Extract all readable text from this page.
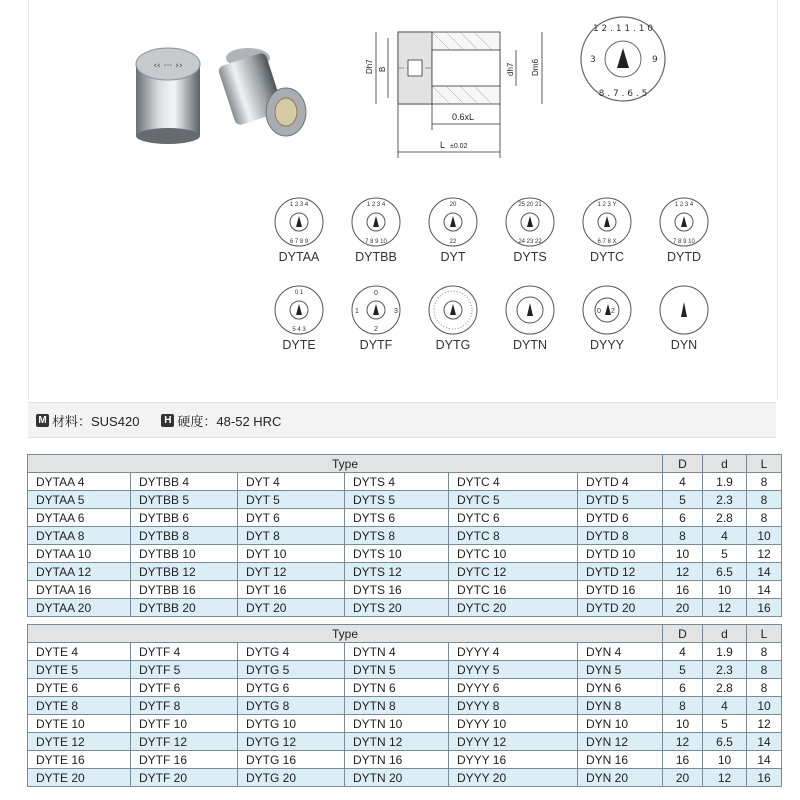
‹‹ ⋯ ››	Dh7 B	dh7 Dm6
0.6xL
L ±0.02
1 2 . 1 1 . 1 0
8 . 7 . 6 . 5
3	9
1 2 3 4
6 7 8 9
DYTAA
1 2 3 4
7 8 9 10
DYTBB
20
22
DYT
25 20 21
24 23 22
DYTS
1 2 3 Y
6 7 8 X
DYTC
1 2 3 4
7 8 9 10
DYTD
0 1
5 4 3
DYTE
0
2
3
1
DYTF	DYTG	DYTN
0 2
DYYY	DYN
M 材料：SUS420 H 硬度：48-52 HRC
Type						D	d	L
DYTAA 4	DYTBB 4	DYT 4	DYTS 4	DYTC 4	DYTD 4	4	1.9	8
DYTAA 5	DYTBB 5	DYT 5	DYTS 5	DYTC 5	DYTD 5	5	2.3	8
DYTAA 6	DYTBB 6	DYT 6	DYTS 6	DYTC 6	DYTD 6	6	2.8	8
DYTAA 8	DYTBB 8	DYT 8	DYTS 8	DYTC 8	DYTD 8	8	4	10
DYTAA 10	DYTBB 10	DYT 10	DYTS 10	DYTC 10	DYTD 10	10	5	12
DYTAA 12	DYTBB 12	DYT 12	DYTS 12	DYTC 12	DYTD 12	12	6.5	14
DYTAA 16	DYTBB 16	DYT 16	DYTS 16	DYTC 16	DYTD 16	16	10	14
DYTAA 20	DYTBB 20	DYT 20	DYTS 20	DYTC 20	DYTD 20	20	12	16
Type						D	d	L
DYTE 4	DYTF 4	DYTG 4	DYTN 4	DYYY 4	DYN 4	4	1.9	8
DYTE 5	DYTF 5	DYTG 5	DYTN 5	DYYY 5	DYN 5	5	2.3	8
DYTE 6	DYTF 6	DYTG 6	DYTN 6	DYYY 6	DYN 6	6	2.8	8
DYTE 8	DYTF 8	DYTG 8	DYTN 8	DYYY 8	DYN 8	8	4	10
DYTE 10	DYTF 10	DYTG 10	DYTN 10	DYYY 10	DYN 10	10	5	12
DYTE 12	DYTF 12	DYTG 12	DYTN 12	DYYY 12	DYN 12	12	6.5	14
DYTE 16	DYTF 16	DYTG 16	DYTN 16	DYYY 16	DYN 16	16	10	14
DYTE 20	DYTF 20	DYTG 20	DYTN 20	DYYY 20	DYN 20	20	12	16
